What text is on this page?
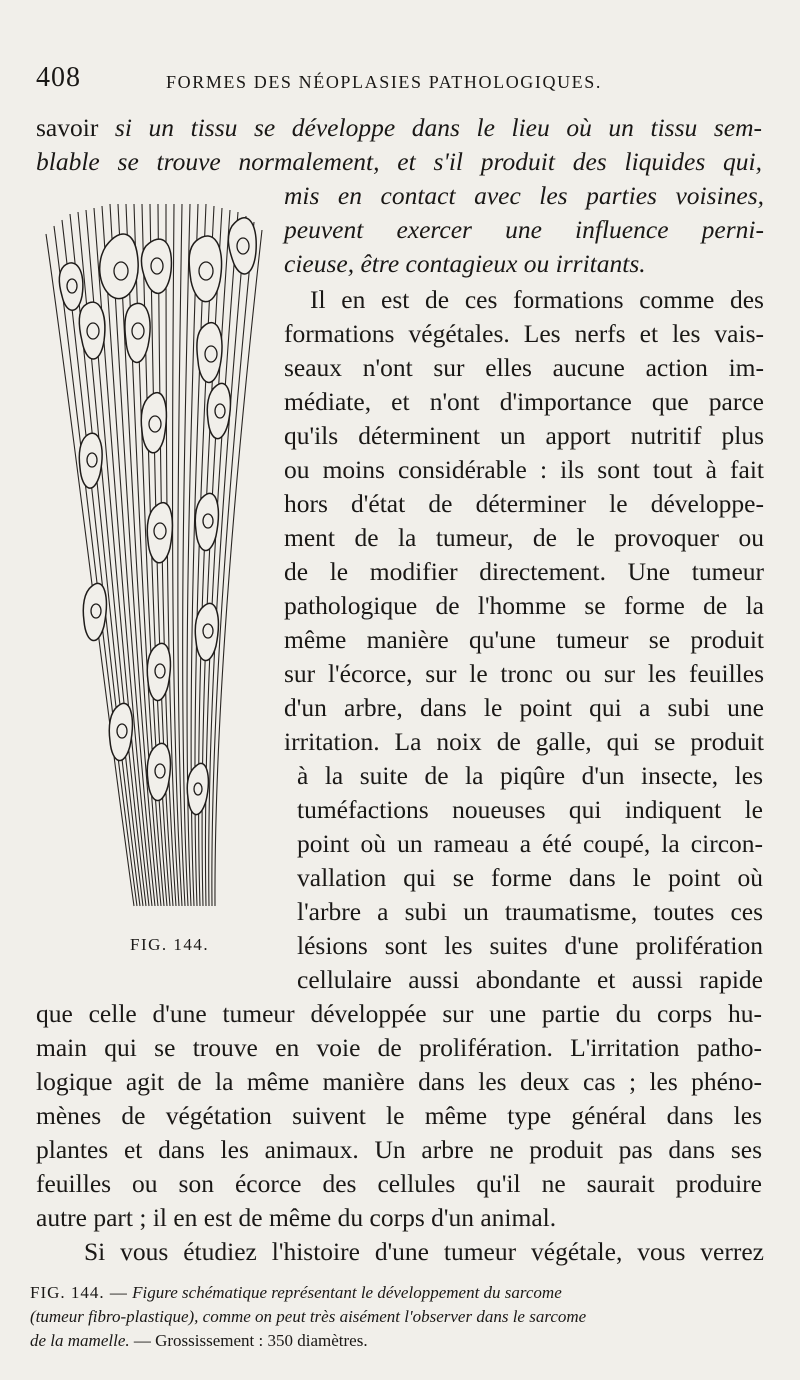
408	FORMES DES NÉOPLASIES PATHOLOGIQUES.
savoir si un tissu se développe dans le lieu où un tissu sem-
blable se trouve normalement, et s'il produit des liquides qui,
mis en contact avec les parties voisines,
peuvent exercer une influence perni-
cieuse, être contagieux ou irritants.
Il en est de ces formations comme des
formations végétales. Les nerfs et les vais-
seaux n'ont sur elles aucune action im-
médiate, et n'ont d'importance que parce
qu'ils déterminent un apport nutritif plus
ou moins considérable : ils sont tout à fait
hors d'état de déterminer le développe-
ment de la tumeur, de le provoquer ou
de le modifier directement. Une tumeur
pathologique de l'homme se forme de la
même manière qu'une tumeur se produit
sur l'écorce, sur le tronc ou sur les feuilles
d'un arbre, dans le point qui a subi une
irritation. La noix de galle, qui se produit
à la suite de la piqûre d'un insecte, les
tuméfactions noueuses qui indiquent le
point où un rameau a été coupé, la circon-
vallation qui se forme dans le point où
l'arbre a subi un traumatisme, toutes ces
lésions sont les suites d'une prolifération
cellulaire aussi abondante et aussi rapide
que celle d'une tumeur développée sur une partie du corps hu-
main qui se trouve en voie de prolifération. L'irritation patho-
logique agit de la même manière dans les deux cas ; les phéno-
mènes de végétation suivent le même type général dans les
plantes et dans les animaux. Un arbre ne produit pas dans ses
feuilles ou son écorce des cellules qu'il ne saurait produire
autre part ; il en est de même du corps d'un animal.
Si vous étudiez l'histoire d'une tumeur végétale, vous verrez
FIG. 144.
FIG. 144. — Figure schématique représentant le développement du sarcome
(tumeur fibro-plastique), comme on peut très aisément l'observer dans le sarcome
de la mamelle. — Grossissement : 350 diamètres.
